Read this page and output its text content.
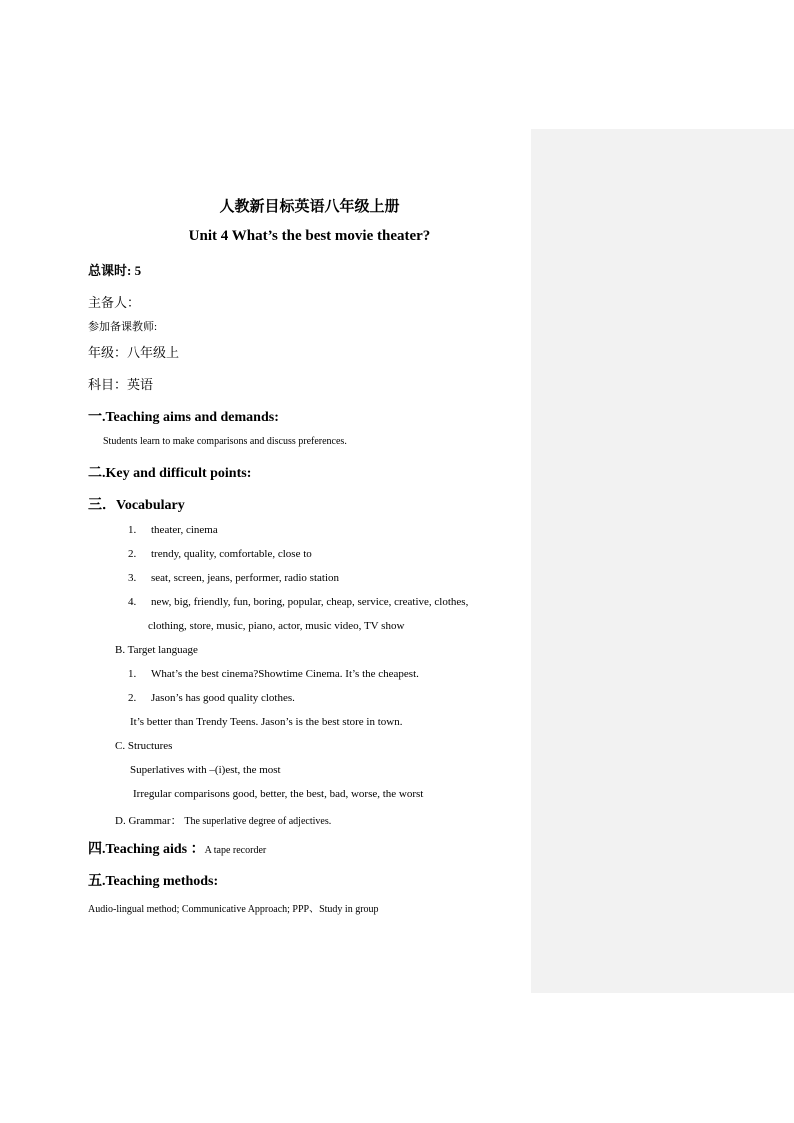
人教新目标英语八年级上册
Unit 4 What’s the best movie theater?
总课时: 5
主备人：
参加备课教师:
年级：八年级上
科目：英语
一.Teaching aims and demands:
Students learn to make comparisons and discuss preferences.
二.Key and difficult points:
三．Vocabulary
1. theater, cinema
2. trendy, quality, comfortable, close to
3. seat, screen, jeans, performer, radio station
4. new, big, friendly, fun, boring, popular, cheap, service, creative, clothes,
clothing, store, music, piano, actor, music video, TV show
B. Target language
1. What’s the best cinema?Showtime Cinema. It’s the cheapest.
2. Jason’s has good quality clothes.
It’s better than Trendy Teens. Jason’s is the best store in town.
C. Structures
Superlatives with –(i)est, the most
Irregular comparisons good, better, the best, bad, worse, the worst
D. Grammar： The superlative degree of adjectives.
四.Teaching aids ：A tape recorder
五.Teaching methods:
Audio-lingual method; Communicative Approach; PPP、Study in group
